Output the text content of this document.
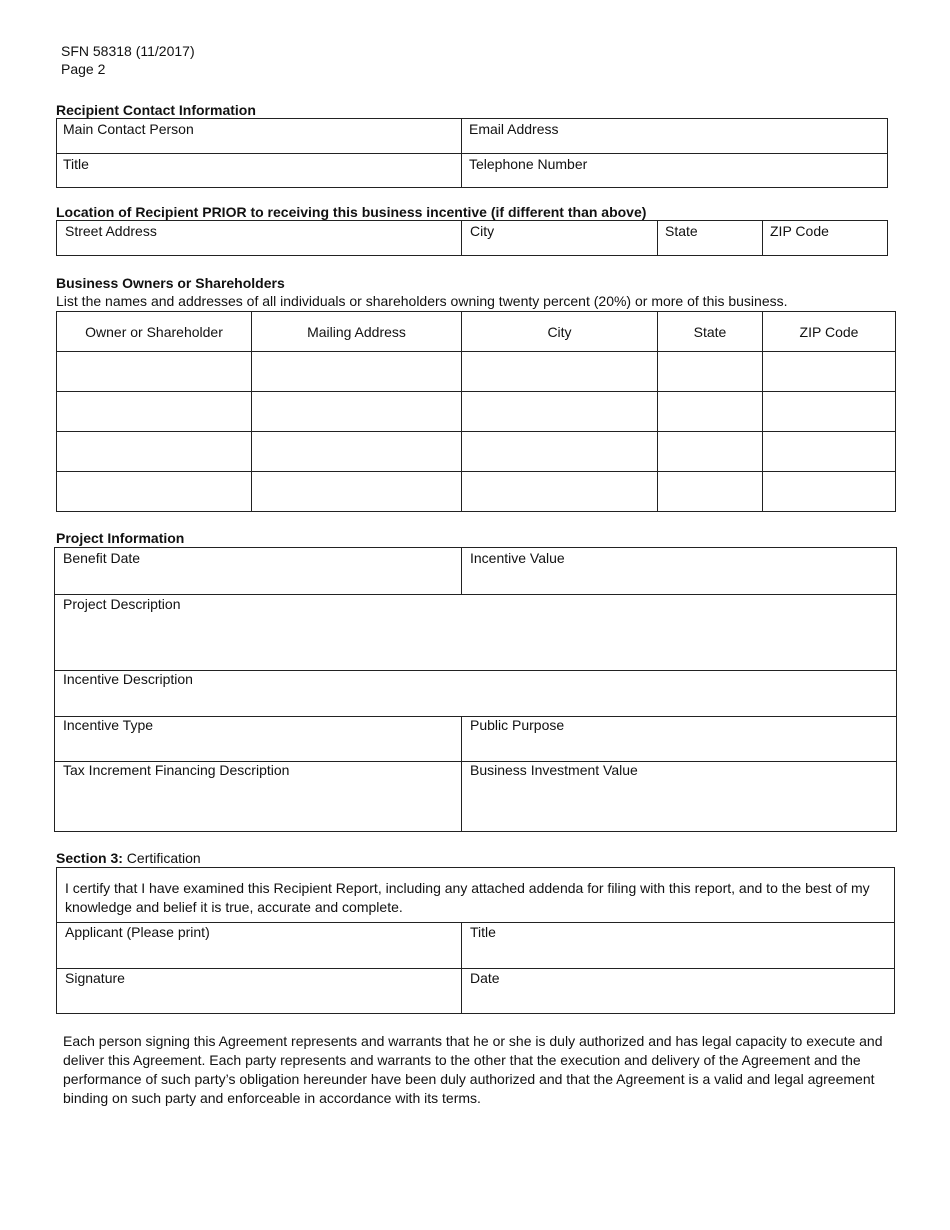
SFN 58318 (11/2017)
Page 2
Recipient Contact Information
Main Contact Person	Email Address
Title	Telephone Number
Location of Recipient PRIOR to receiving this business incentive (if different than above)
Street Address	City	State	ZIP Code
Business Owners or Shareholders
List the names and addresses of all individuals or shareholders owning twenty percent (20%) or more of this business.
Owner or Shareholder	Mailing Address	City	State	ZIP Code

Project Information
Benefit Date	Incentive Value
Project Description
Incentive Description
Incentive Type	Public Purpose
Tax Increment Financing Description	Business Investment Value
Section 3: Certification
I certify that I have examined this Recipient Report, including any attached addenda for filing with this report, and to the best of my knowledge and belief it is true, accurate and complete.
Applicant (Please print)	Title
Signature	Date
Each person signing this Agreement represents and warrants that he or she is duly authorized and has legal capacity to execute and deliver this Agreement. Each party represents and warrants to the other that the execution and delivery of the Agreement and the performance of such party’s obligation hereunder have been duly authorized and that the Agreement is a valid and legal agreement binding on such party and enforceable in accordance with its terms.
